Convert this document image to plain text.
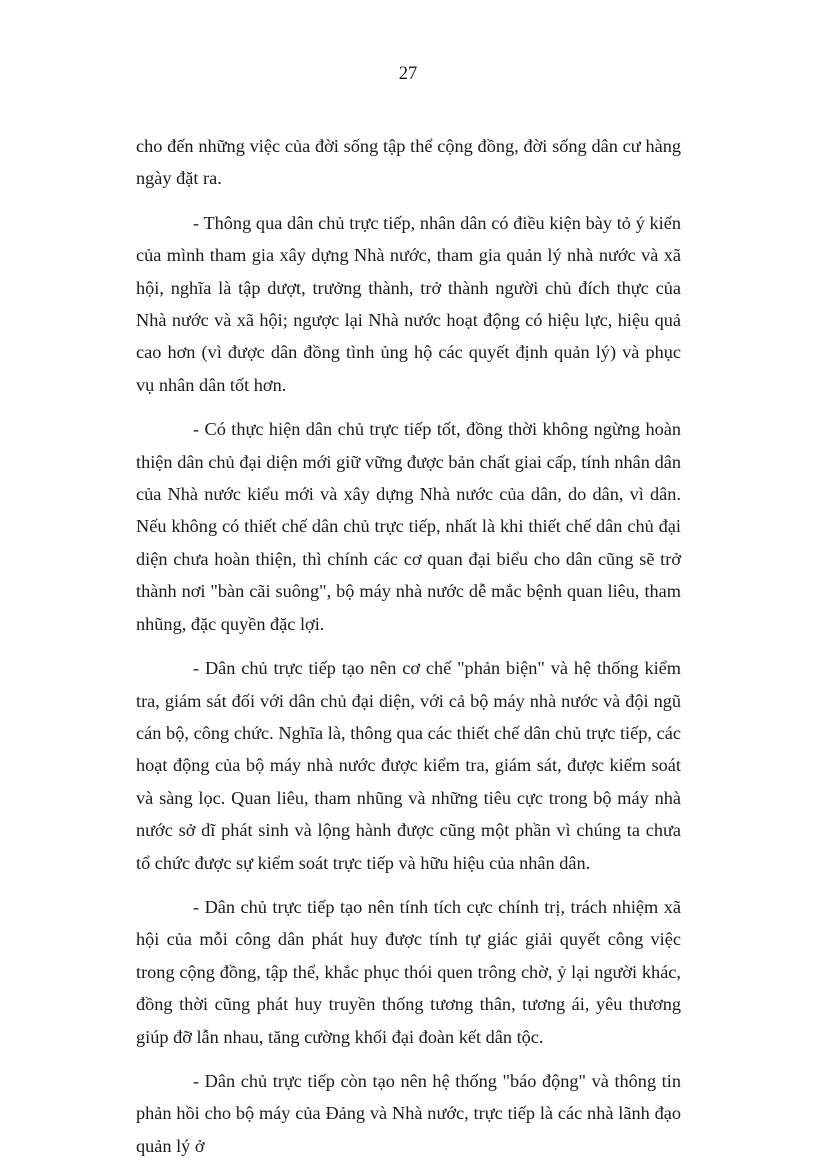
27

cho đến những việc của đời sống tập thể cộng đồng, đời sống dân cư hàng ngày đặt ra.

- Thông qua dân chủ trực tiếp, nhân dân có điều kiện bày tỏ ý kiến của mình tham gia xây dựng Nhà nước, tham gia quản lý nhà nước và xã hội, nghĩa là tập dượt, trưởng thành, trở thành người chủ đích thực của Nhà nước và xã hội; ngược lại Nhà nước hoạt động có hiệu lực, hiệu quả cao hơn (vì được dân đồng tình ủng hộ các quyết định quản lý) và phục vụ nhân dân tốt hơn.

- Có thực hiện dân chủ trực tiếp tốt, đồng thời không ngừng hoàn thiện dân chủ đại diện mới giữ vững được bản chất giai cấp, tính nhân dân của Nhà nước kiểu mới và xây dựng Nhà nước của dân, do dân, vì dân. Nếu không có thiết chế dân chủ trực tiếp, nhất là khi thiết chế dân chủ đại diện chưa hoàn thiện, thì chính các cơ quan đại biểu cho dân cũng sẽ trở thành nơi "bàn cãi suông", bộ máy nhà nước dễ mắc bệnh quan liêu, tham nhũng, đặc quyền đặc lợi.

- Dân chủ trực tiếp tạo nên cơ chế "phản biện" và hệ thống kiểm tra, giám sát đối với dân chủ đại diện, với cả bộ máy nhà nước và đội ngũ cán bộ, công chức. Nghĩa là, thông qua các thiết chế dân chủ trực tiếp, các hoạt động của bộ máy nhà nước được kiểm tra, giám sát, được kiểm soát và sàng lọc. Quan liêu, tham nhũng và những tiêu cực trong bộ máy nhà nước sở dĩ phát sinh và lộng hành được cũng một phần vì chúng ta chưa tổ chức được sự kiểm soát trực tiếp và hữu hiệu của nhân dân.

- Dân chủ trực tiếp tạo nên tính tích cực chính trị, trách nhiệm xã hội của mỗi công dân phát huy được tính tự giác giải quyết công việc trong cộng đồng, tập thể, khắc phục thói quen trông chờ, ỷ lại người khác, đồng thời cũng phát huy truyền thống tương thân, tương ái, yêu thương giúp đỡ lẫn nhau, tăng cường khối đại đoàn kết dân tộc.

- Dân chủ trực tiếp còn tạo nên hệ thống "báo động" và thông tin phản hồi cho bộ máy của Đảng và Nhà nước, trực tiếp là các nhà lãnh đạo quản lý ở
